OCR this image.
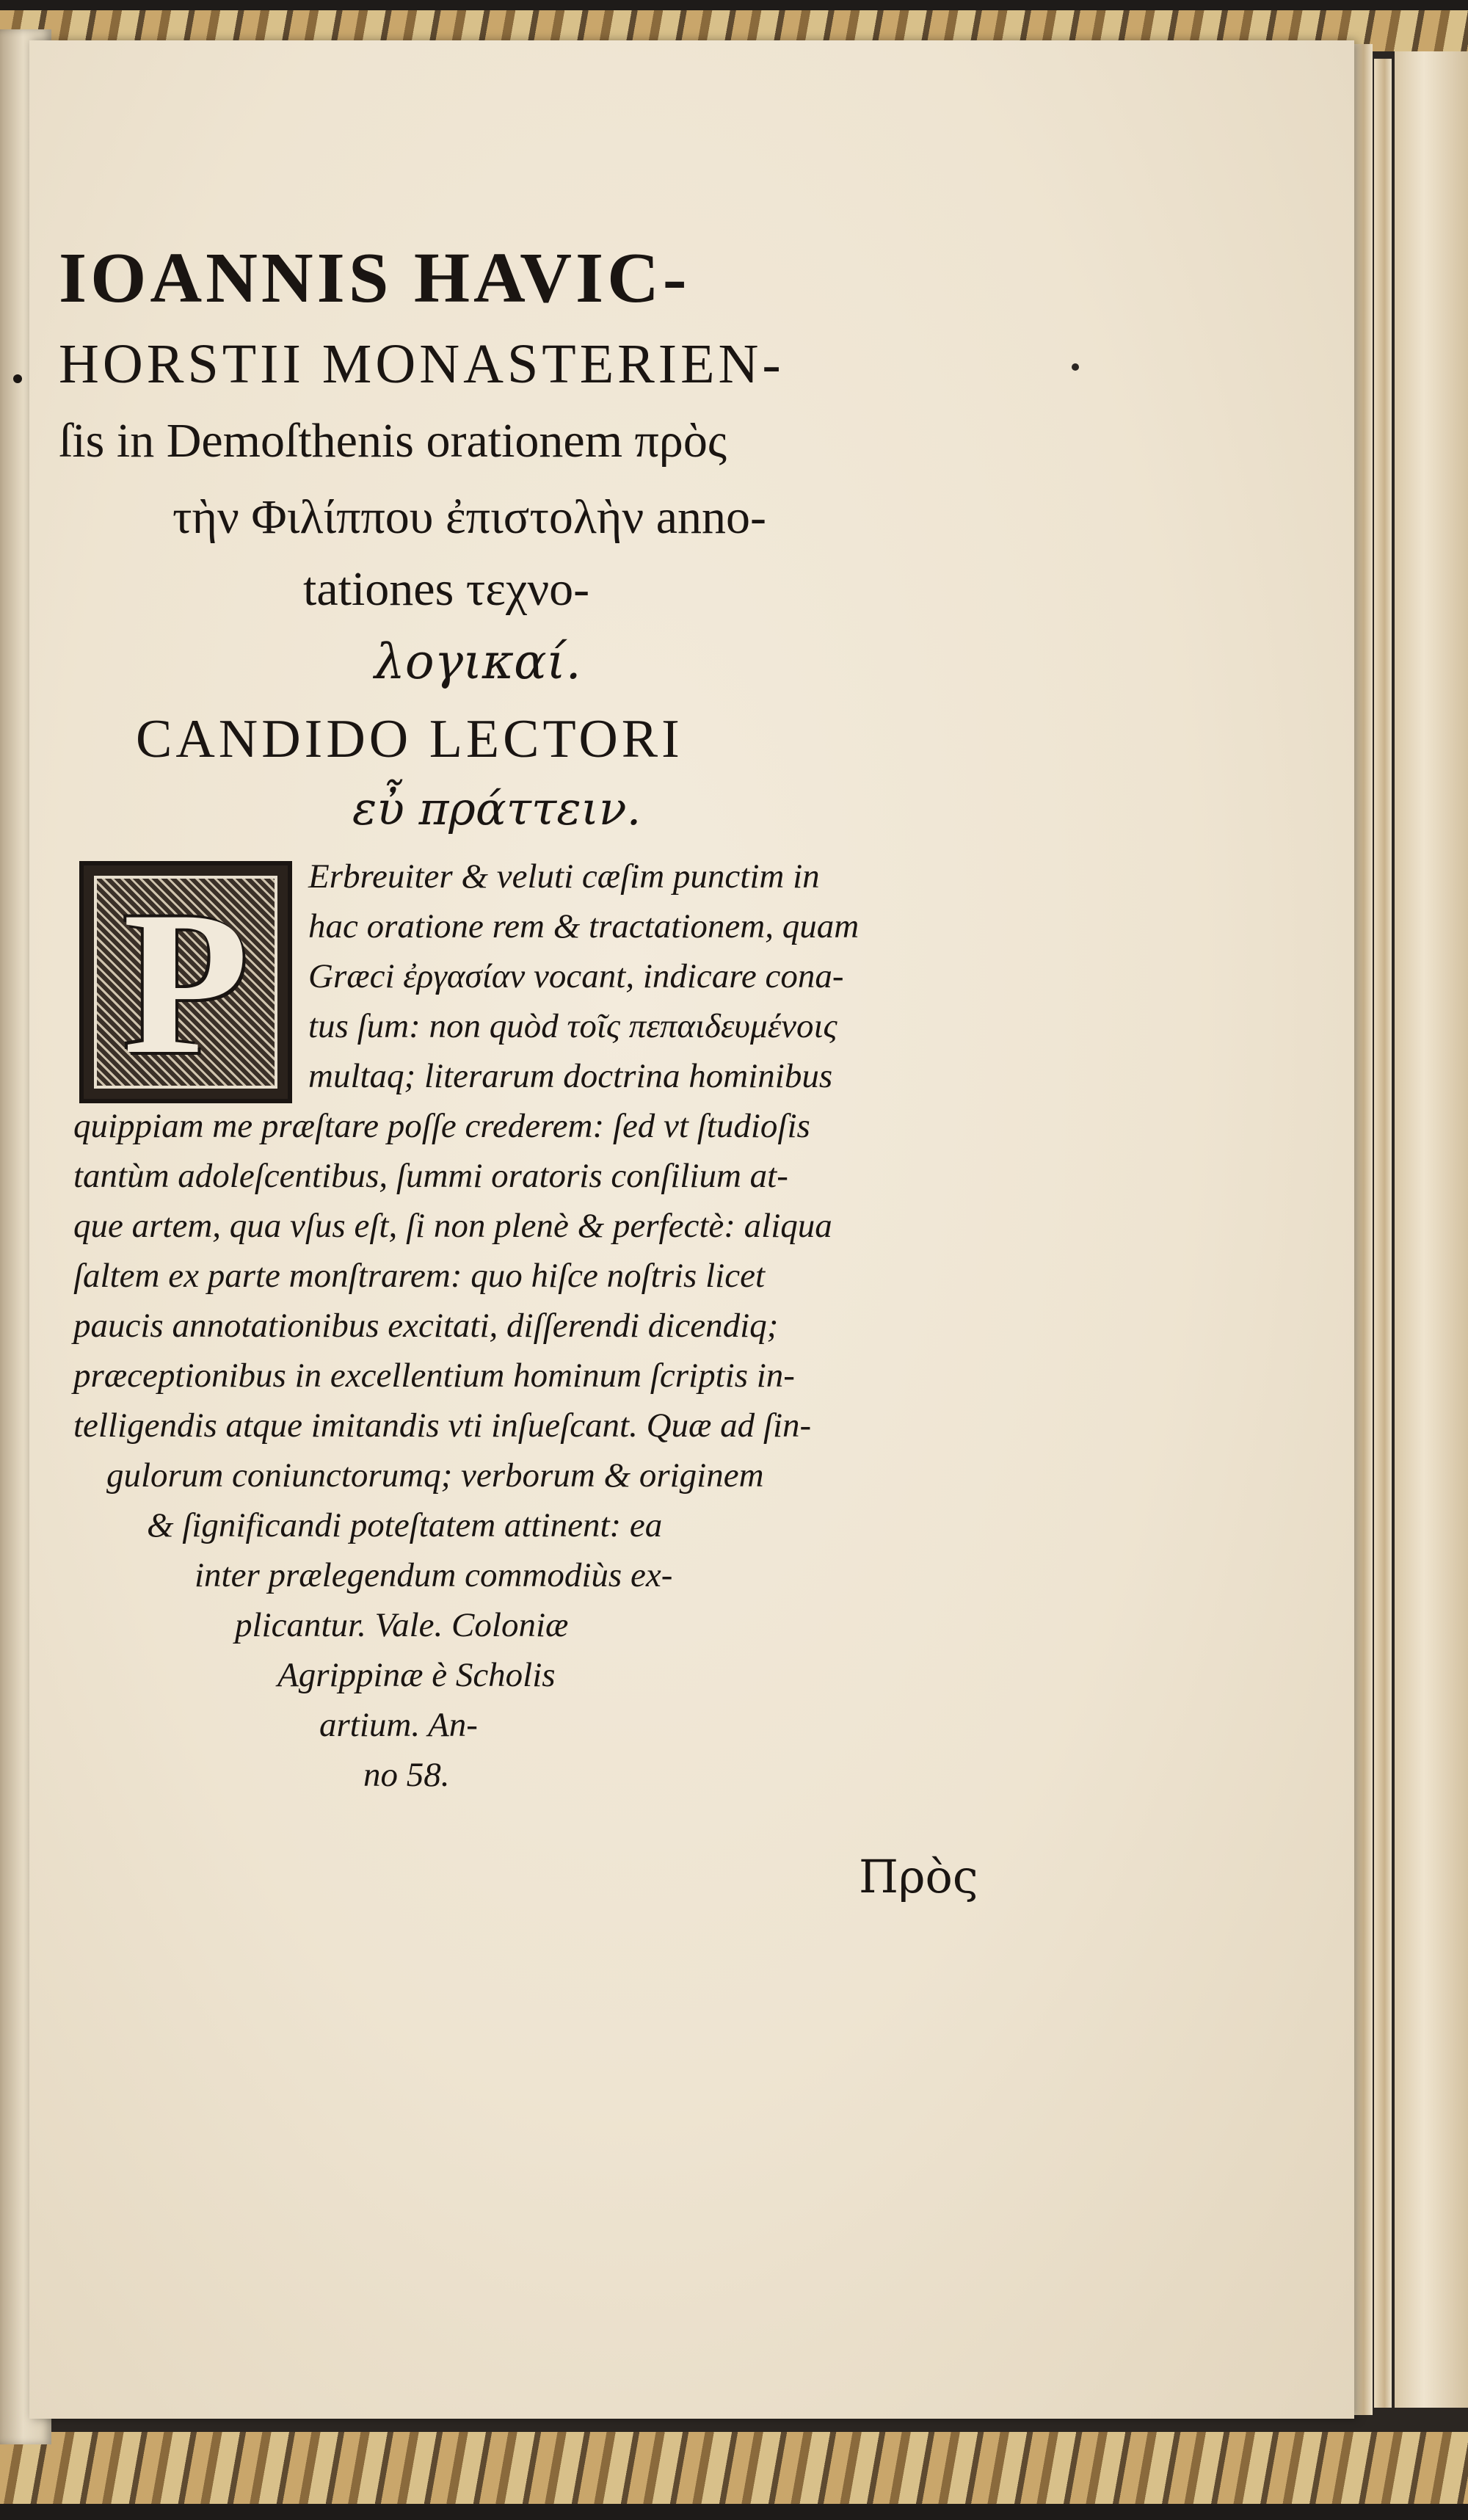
IOANNIS HAVIC-
HORSTII MONASTERIEN-
ſis in Demoſthenis orationem πρὸς
τὴν Φιλίππου ἐπιστολὴν anno-
tationes τεχνο-
λογικαί.
CANDIDO LECTORI
εὖ πράττειν.
P	Erbreuiter & veluti cæſim punctim in
hac oratione rem & tractationem, quam
Græci ἐργασίαν vocant, indicare cona-
tus ſum: non quòd τοῖς πεπαιδευμένοις
multaq; literarum doctrina hominibus
quippiam me præſtare poſſe crederem: ſed vt ſtudioſis
tantùm adoleſcentibus, ſummi oratoris conſilium at-
que artem, qua vſus eſt, ſi non plenè & perfectè: aliqua
ſaltem ex parte monſtrarem: quo hiſce noſtris licet
paucis annotationibus excitati, diſſerendi dicendiq;
præceptionibus in excellentium hominum ſcriptis in-
telligendis atque imitandis vti inſueſcant. Quæ ad ſin-
gulorum coniunctorumq; verborum & originem
& ſignificandi poteſtatem attinent: ea
inter prælegendum commodiùs ex-
plicantur. Vale. Coloniæ
Agrippinæ è Scholis
artium. An-
no 58.
Πρὸς
